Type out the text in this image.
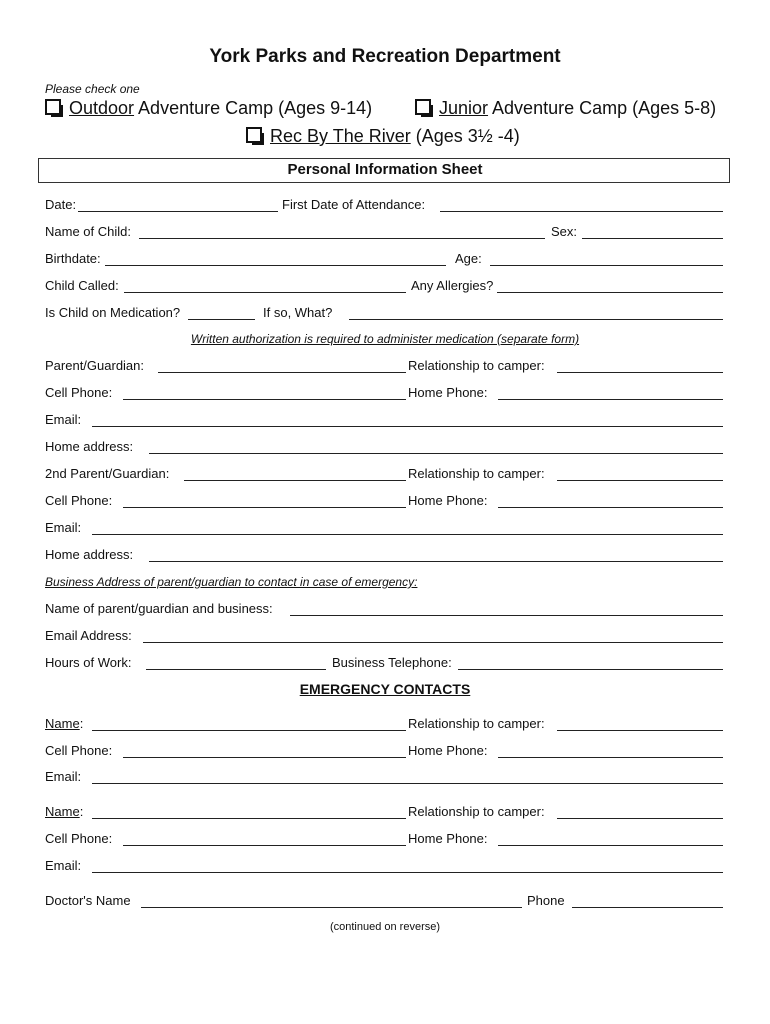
York Parks and Recreation Department
Please check one
Outdoor Adventure Camp (Ages 9-14)	Junior Adventure Camp (Ages 5-8)
Rec By The River (Ages 3½ -4)
Personal Information Sheet
Date:	First Date of Attendance:
Name of Child:	Sex:
Birthdate:	Age:
Child Called:	Any Allergies?
Is Child on Medication?	If so, What?
Written authorization is required to administer medication (separate form)
Parent/Guardian:	Relationship to camper:
Cell Phone:	Home Phone:
Email:
Home address:
2nd Parent/Guardian:	Relationship to camper:
Cell Phone:	Home Phone:
Email:
Home address:
Business Address of parent/guardian to contact in case of emergency:
Name of parent/guardian and business:
Email Address:
Hours of Work:	Business Telephone:
EMERGENCY CONTACTS
Name:	Relationship to camper:
Cell Phone:	Home Phone:
Email:
Name:	Relationship to camper:
Cell Phone:	Home Phone:
Email:
Doctor's Name	Phone
(continued on reverse)
